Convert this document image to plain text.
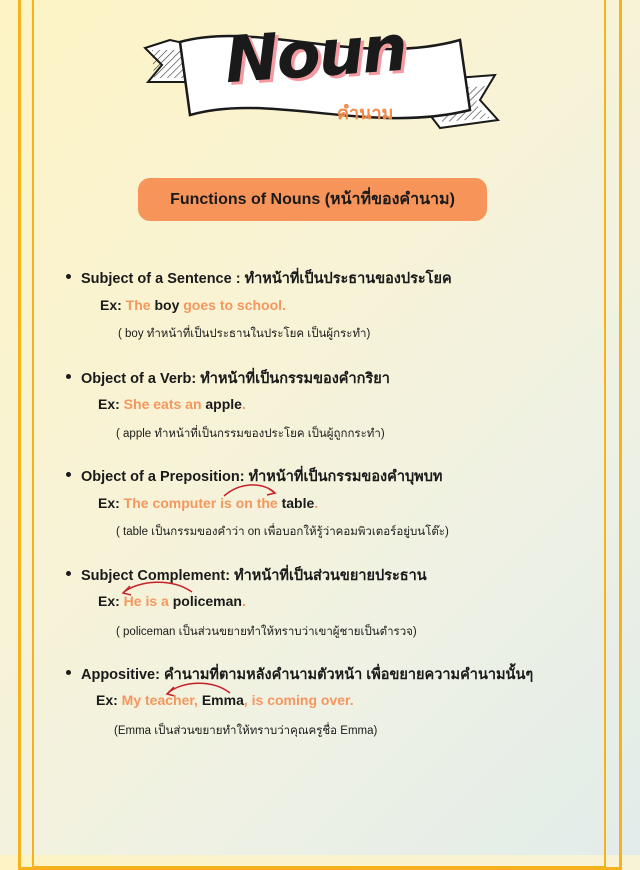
Noun
คำนาม
Functions of Nouns (หน้าที่ของคำนาม)
Subject of a Sentence : ทำหน้าที่เป็นประธานของประโยค
Ex: The boy goes to school.
( boy ทำหน้าที่เป็นประธานในประโยค เป็นผู้กระทำ)
Object of a Verb: ทำหน้าที่เป็นกรรมของคำกริยา
Ex: She eats an apple.
( apple ทำหน้าที่เป็นกรรมของประโยค เป็นผู้ถูกกระทำ)
Object of a Preposition: ทำหน้าที่เป็นกรรมของคำบุพบท
Ex: The computer is on the table.
( table เป็นกรรมของคำว่า on เพื่อบอกให้รู้ว่าคอมพิวเตอร์อยู่บนโต๊ะ)
Subject Complement: ทำหน้าที่เป็นส่วนขยายประธาน
Ex: He is a policeman.
( policeman เป็นส่วนขยายทำให้ทราบว่าเขาผู้ชายเป็นตำรวจ)
Appositive: คำนามที่ตามหลังคำนามตัวหน้า เพื่อขยายความคำนามนั้นๆ
Ex: My teacher, Emma, is coming over.
(Emma เป็นส่วนขยายทำให้ทราบว่าคุณครูชื่อ Emma)
